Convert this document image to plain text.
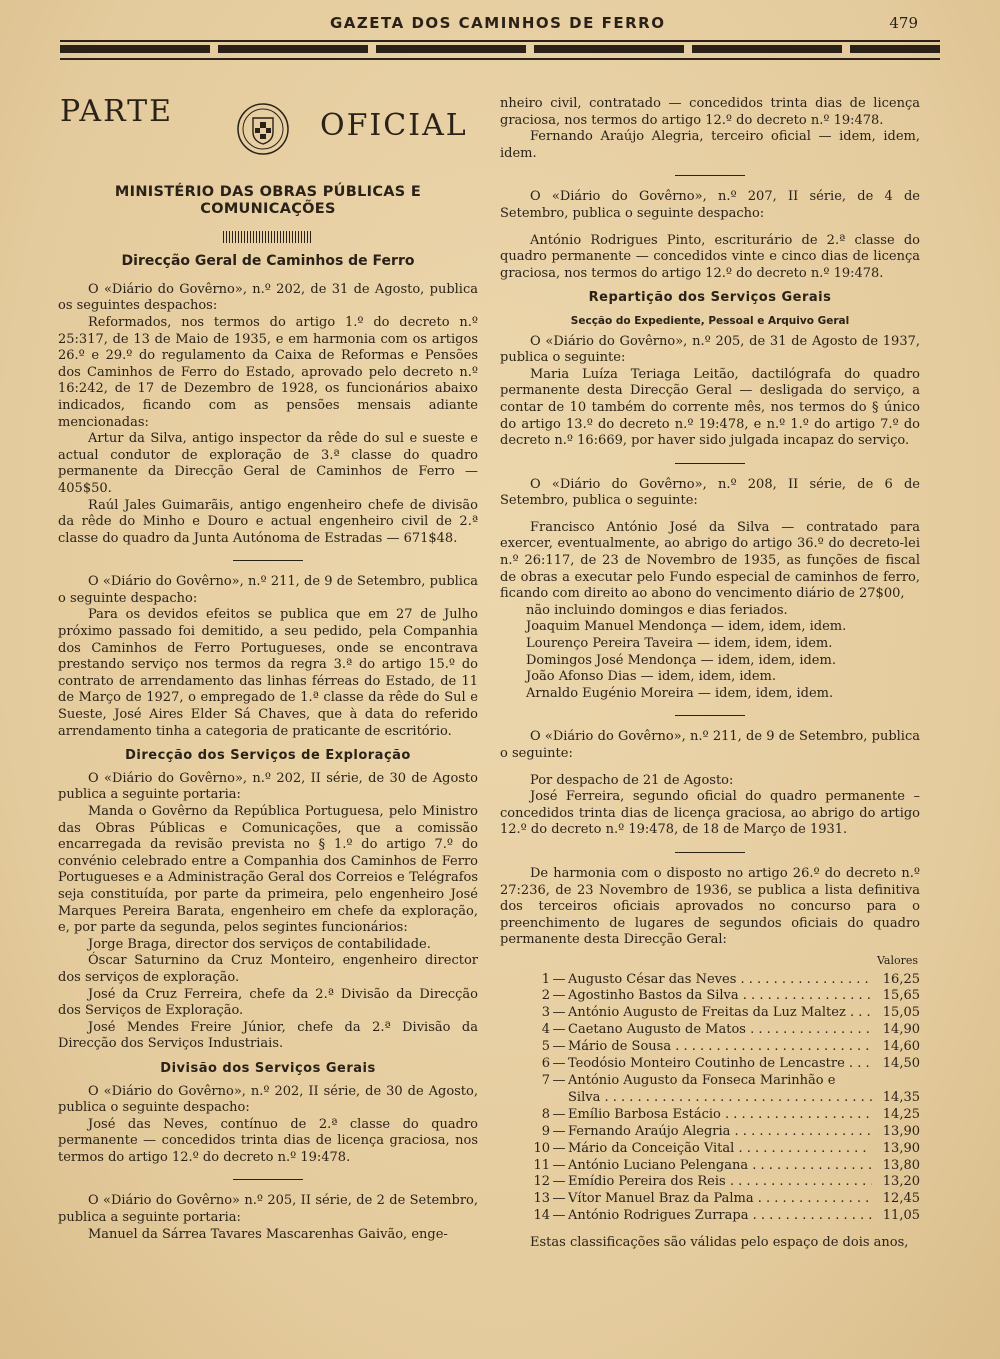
GAZETA DOS CAMINHOS DE FERRO	479
PARTE	OFICIAL

MINISTÉRIO DAS OBRAS PÚBLICAS E COMUNICAÇÕES

Direcção Geral de Caminhos de Ferro

O «Diário do Govêrno», n.º 202, de 31 de Agosto, publica os seguintes despachos:

Reformados, nos termos do artigo 1.º do decreto n.º 25:317, de 13 de Maio de 1935, e em harmonia com os artigos 26.º e 29.º do regulamento da Caixa de Reformas e Pensões dos Caminhos de Ferro do Estado, aprovado pelo decreto n.º 16:242, de 17 de Dezembro de 1928, os funcionários abaixo indicados, ficando com as pensões mensais adiante mencionadas:

Artur da Silva, antigo inspector da rêde do sul e sueste e actual condutor de exploração de 3.ª classe do quadro permanente da Direcção Geral de Caminhos de Ferro — 405$50.

Raúl Jales Guimarãis, antigo engenheiro chefe de divisão da rêde do Minho e Douro e actual engenheiro civil de 2.ª classe do quadro da Junta Autónoma de Estradas — 671$48.

O «Diário do Govêrno», n.º 211, de 9 de Setembro, publica o seguinte despacho:

Para os devidos efeitos se publica que em 27 de Julho próximo passado foi demitido, a seu pedido, pela Companhia dos Caminhos de Ferro Portugueses, onde se encontrava prestando serviço nos termos da regra 3.ª do artigo 15.º do contrato de arrendamento das linhas férreas do Estado, de 11 de Março de 1927, o empregado de 1.ª classe da rêde do Sul e Sueste, José Aires Elder Sá Chaves, que à data do referido arrendamento tinha a categoria de praticante de escritório.

Direcção dos Serviços de Exploração

O «Diário do Govêrno», n.º 202, II série, de 30 de Agosto publica a seguinte portaria:

Manda o Govêrno da República Portuguesa, pelo Ministro das Obras Públicas e Comunicações, que a comissão encarregada da revisão prevista no § 1.º do artigo 7.º do convénio celebrado entre a Companhia dos Caminhos de Ferro Portugueses e a Administração Geral dos Correios e Telégrafos seja constituída, por parte da primeira, pelo engenheiro José Marques Pereira Barata, engenheiro em chefe da exploração, e, por parte da segunda, pelos segintes funcionários:

Jorge Braga, director dos serviços de contabilidade.

Óscar Saturnino da Cruz Monteiro, engenheiro director dos serviços de exploração.

José da Cruz Ferreira, chefe da 2.ª Divisão da Direcção dos Serviços de Exploração.

José Mendes Freire Júnior, chefe da 2.ª Divisão da Direcção dos Serviços Industriais.

Divisão dos Serviços Gerais

O «Diário do Govêrno», n.º 202, II série, de 30 de Agosto, publica o seguinte despacho:

José das Neves, contínuo de 2.ª classe do quadro permanente — concedidos trinta dias de licença graciosa, nos termos do artigo 12.º do decreto n.º 19:478.

O «Diário do Govêrno» n.º 205, II série, de 2 de Setembro, publica a seguinte portaria:

Manuel da Sárrea Tavares Mascarenhas Gaivão, enge-

nheiro civil, contratado — concedidos trinta dias de licença graciosa, nos termos do artigo 12.º do decreto n.º 19:478.

Fernando Araújo Alegria, terceiro oficial — idem, idem, idem.

O «Diário do Govêrno», n.º 207, II série, de 4 de Setembro, publica o seguinte despacho:

António Rodrigues Pinto, escriturário de 2.ª classe do quadro permanente — concedidos vinte e cinco dias de licença graciosa, nos termos do artigo 12.º do decreto n.º 19:478.

Repartição dos Serviços Gerais

Secção do Expediente, Pessoal e Arquivo Geral

O «Diário do Govêrno», n.º 205, de 31 de Agosto de 1937, publica o seguinte:

Maria Luíza Teriaga Leitão, dactilógrafa do quadro permanente desta Direcção Geral — desligada do serviço, a contar de 10 também do corrente mês, nos termos do § único do artigo 13.º do decreto n.º 19:478, e n.º 1.º do artigo 7.º do decreto n.º 16:669, por haver sido julgada incapaz do serviço.

O «Diário do Govêrno», n.º 208, II série, de 6 de Setembro, publica o seguinte:

Francisco António José da Silva — contratado para exercer, eventualmente, ao abrigo do artigo 36.º do decreto-lei n.º 26:117, de 23 de Novembro de 1935, as funções de fiscal de obras a executar pelo Fundo especial de caminhos de ferro, ficando com direito ao abono do vencimento diário de 27$00,

não incluindo domingos e dias feriados.

Joaquim Manuel Mendonça — idem, idem, idem.

Lourenço Pereira Taveira — idem, idem, idem.

Domingos José Mendonça — idem, idem, idem.

João Afonso Dias — idem, idem, idem.

Arnaldo Eugénio Moreira — idem, idem, idem.

O «Diário do Govêrno», n.º 211, de 9 de Setembro, publica o seguinte:

Por despacho de 21 de Agosto:

José Ferreira, segundo oficial do quadro permanente – concedidos trinta dias de licença graciosa, ao abrigo do artigo 12.º do decreto n.º 19:478, de 18 de Março de 1931.

De harmonia com o disposto no artigo 26.º do decreto n.º 27:236, de 23 Novembro de 1936, se publica a lista definitiva dos terceiros oficiais aprovados no concurso para o preenchimento de lugares de segundos oficiais do quadro permanente desta Direcção Geral:

Valores
1 — Augusto César das Neves . . .	16,25
2 — Agostinho Bastos da Silva . . .	15,65
3 — António Augusto de Freitas da Luz Maltez . . .	15,05
4 — Caetano Augusto de Matos . . .	14,90
5 — Mário de Sousa . . .	14,60
6 — Teodósio Monteiro Coutinho de Lencastre . . .	14,50
7 — António Augusto da Fonseca Marinhão e
Silva . . .	14,35
8 — Emílio Barbosa Estácio . . .	14,25
9 — Fernando Araújo Alegria . . .	13,90
10 — Mário da Conceição Vital . . .	13,90
11 — António Luciano Pelengana . . .	13,80
12 — Emídio Pereira dos Reis . . .	13,20
13 — Vítor Manuel Braz da Palma . . .	12,45
14 — António Rodrigues Zurrapa . . .	11,05

Estas classificações são válidas pelo espaço de dois anos,
